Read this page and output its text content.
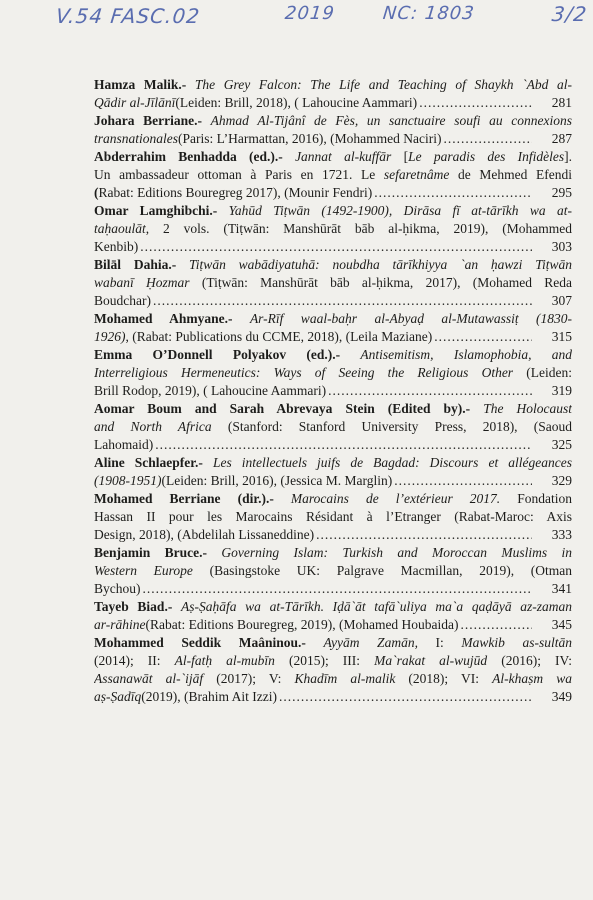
V.54 FASC.02	2019	NC: 1803	3/2
Hamza Malik.- The Grey Falcon: The Life and Teaching of Shaykh `Abd al-
Qādir al-Jīlānī (Leiden: Brill, 2018), ( Lahoucine Aammari) .....	281
Johara Berriane.- Ahmad Al-Tijânî de Fès, un sanctuaire soufi au connexions
transnationales (Paris: L’Harmattan, 2016), (Mohammed Naciri) .....	287
Abderrahim Benhadda (ed.).- Jannat al-kuffār [Le paradis des Infidèles].
Un ambassadeur ottoman à Paris en 1721. Le sefaretnâme de Mehmed Efendi
( Rabat: Editions Bouregreg 2017), (Mounir Fendri) .....	295
Omar Lamghibchi.- Yahūd Tiṭwān (1492-1900), Dirāsa fī at-tārīkh wa at-
taḥaoulāt, 2 vols. (Tiṭwān: Manshūrāt bāb al-ḥikma, 2019), (Mohammed
Kenbib) .....	303
Bilāl Dahia.- Tiṭwān wabādiyatuhā: noubdha tārīkhiyya `an ḥawzi Tiṭwān
wabanī Ḥozmar (Tiṭwān: Manshūrāt bāb al-ḥikma, 2017), (Mohamed Reda
Boudchar) .....	307
Mohamed Ahmyane.- Ar-Rīf waal-baḥr al-Abyaḍ al-Mutawassiṭ (1830-
1926) , (Rabat: Publications du CCME, 2018), (Leila Maziane) .....	315
Emma O’Donnell Polyakov (ed.).- Antisemitism, Islamophobia, and
Interreligious Hermeneutics: Ways of Seeing the Religious Other (Leiden:
Brill Rodop, 2019), ( Lahoucine Aammari) .....	319
Aomar Boum and Sarah Abrevaya Stein (Edited by).- The Holocaust
and North Africa (Stanford: Stanford University Press, 2018), (Saoud
Lahomaid) .....	325
Aline Schlaepfer.- Les intellectuels juifs de Bagdad: Discours et allégeances
(1908-1951) (Leiden: Brill, 2016), (Jessica M. Marglin) .....	329
Mohamed Berriane (dir.).- Marocains de l’extérieur 2017. Fondation
Hassan II pour les Marocains Résidant à l’Etranger (Rabat-Maroc: Axis
Design, 2018), (Abdelilah Lissaneddine) .....	333
Benjamin Bruce.- Governing Islam: Turkish and Moroccan Muslims in
Western Europe (Basingstoke UK: Palgrave Macmillan, 2019), (Otman
Bychou) .....	341
Tayeb Biad.- Aṣ-Ṣaḥāfa wa at-Tārīkh. Iḍā`āt tafā`uliya ma`a qaḍāyā az-zaman
ar-rāhine (Rabat: Editions Bouregreg, 2019), (Mohamed Houbaida) .....	345
Mohammed Seddik Maâninou.- Ayyām Zamān, I: Mawkib as-sultān
(2014); II: Al-fatḥ al-mubīn (2015); III: Ma`rakat al-wujūd (2016); IV:
Assanawāt al-`ijāf (2017); V: Khadīm al-malik (2018); VI: Al-khaṣm wa
aṣ-Ṣadīq (2019), (Brahim Ait Izzi) .....	349
